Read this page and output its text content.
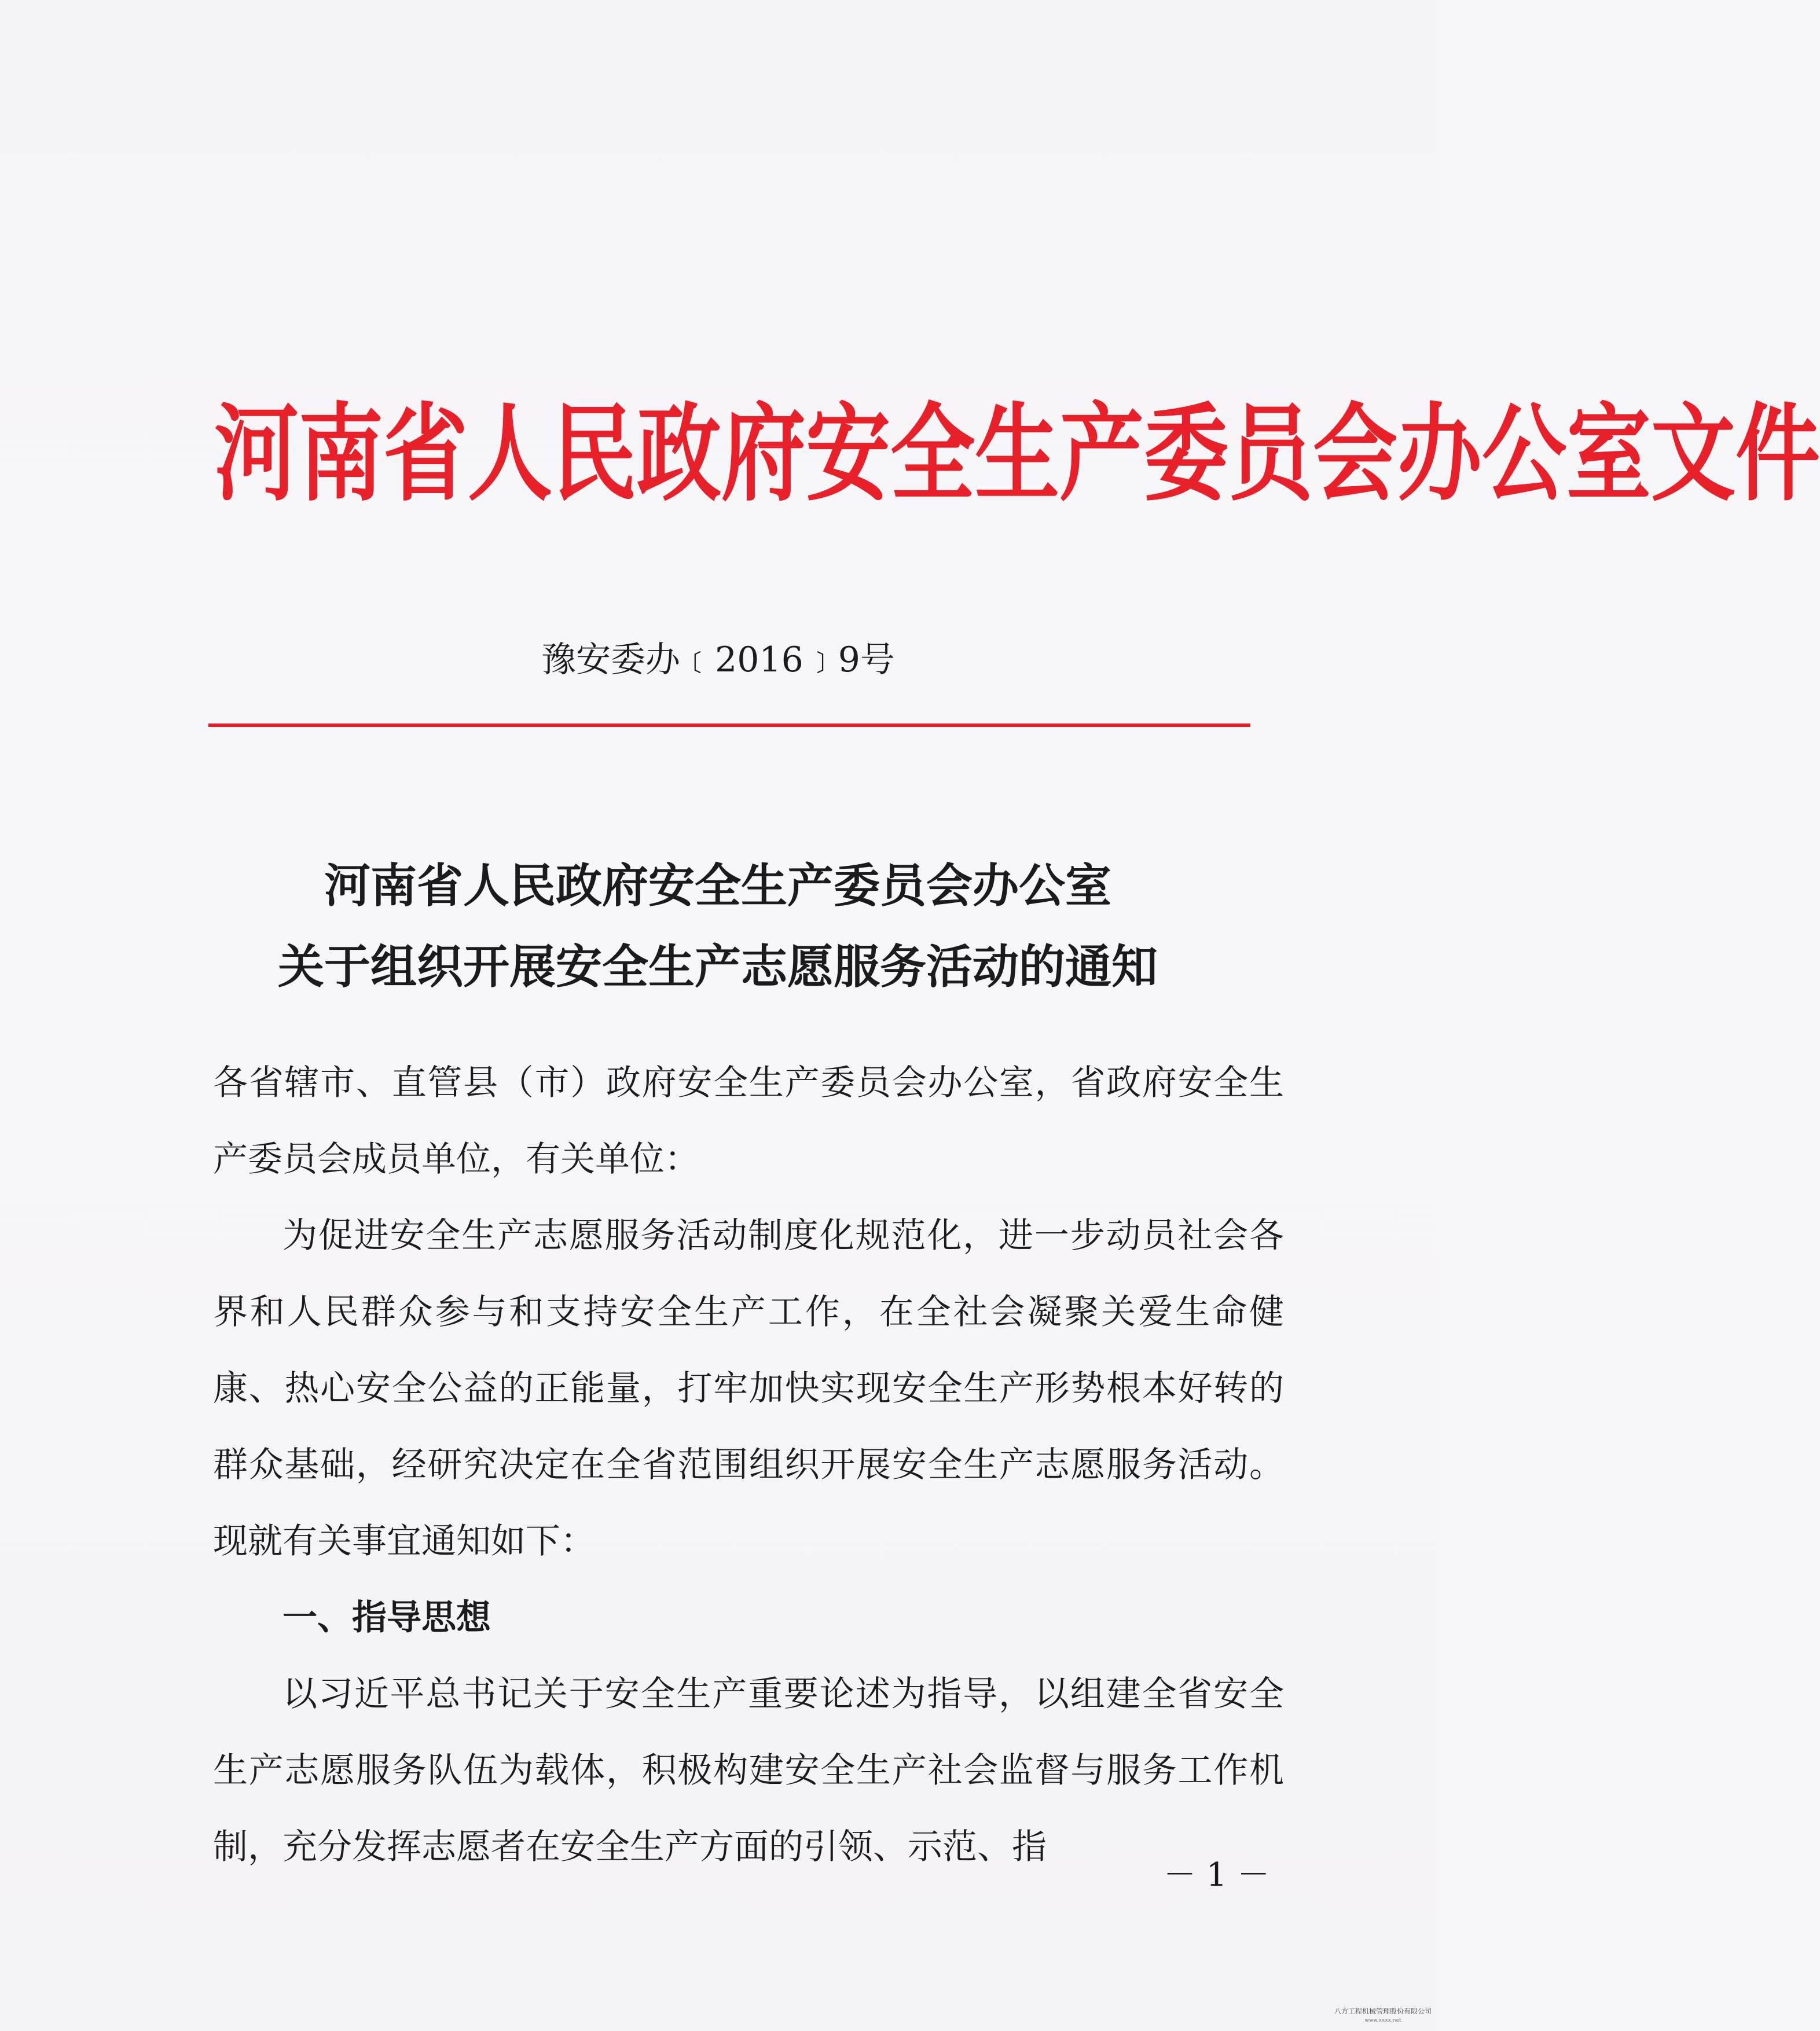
河南省人民政府安全生产委员会办公室文件
豫安委办﹝2016﹞9号
河南省人民政府安全生产委员会办公室
关于组织开展安全生产志愿服务活动的通知

各省辖市、直管县（市）政府安全生产委员会办公室，省政府安全生产委员会成员单位，有关单位：

为促进安全生产志愿服务活动制度化规范化，进一步动员社会各界和人民群众参与和支持安全生产工作，在全社会凝聚关爱生命健康、热心安全公益的正能量，打牢加快实现安全生产形势根本好转的群众基础，经研究决定在全省范围组织开展安全生产志愿服务活动。现就有关事宜通知如下：

一、指导思想

以习近平总书记关于安全生产重要论述为指导，以组建全省安全生产志愿服务队伍为载体，积极构建安全生产社会监督与服务工作机制，充分发挥志愿者在安全生产方面的引领、示范、指

－ 1 －
八方工程机械管理股份有限公司
www.xxxx.net
